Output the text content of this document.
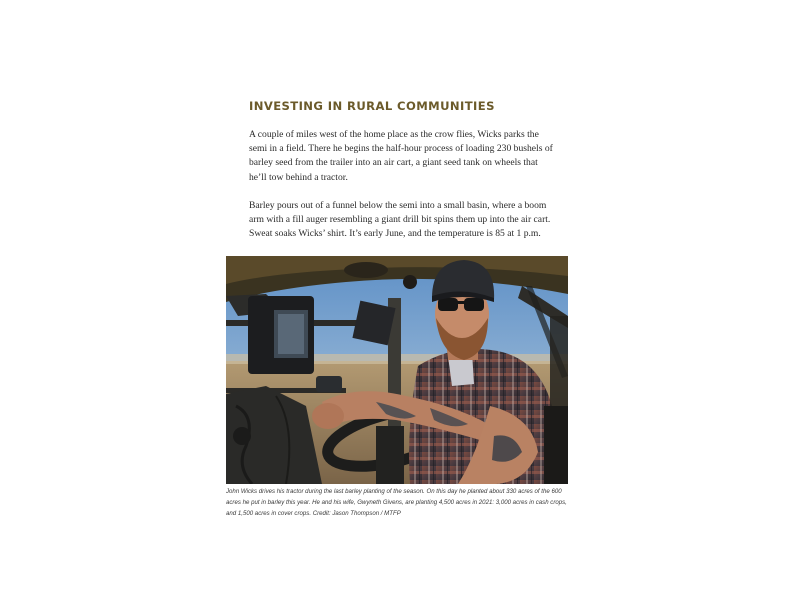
INVESTING IN RURAL COMMUNITIES

A couple of miles west of the home place as the crow flies, Wicks parks the semi in a field. There he begins the half-hour process of loading 230 bushels of barley seed from the trailer into an air cart, a giant seed tank on wheels that he’ll tow behind a tractor.

Barley pours out of a funnel below the semi into a small basin, where a boom arm with a fill auger resembling a giant drill bit spins them up into the air cart. Sweat soaks Wicks’ shirt. It’s early June, and the temperature is 85 at 1 p.m.

John Wicks drives his tractor during the last barley planting of the season. On this day he planted about 330 acres of the 600 acres he put in barley this year. He and his wife, Gwyneth Givens, are planting 4,500 acres in 2021: 3,000 acres in cash crops, and 1,500 acres in cover crops. Credit: Jason Thompson / MTFP
